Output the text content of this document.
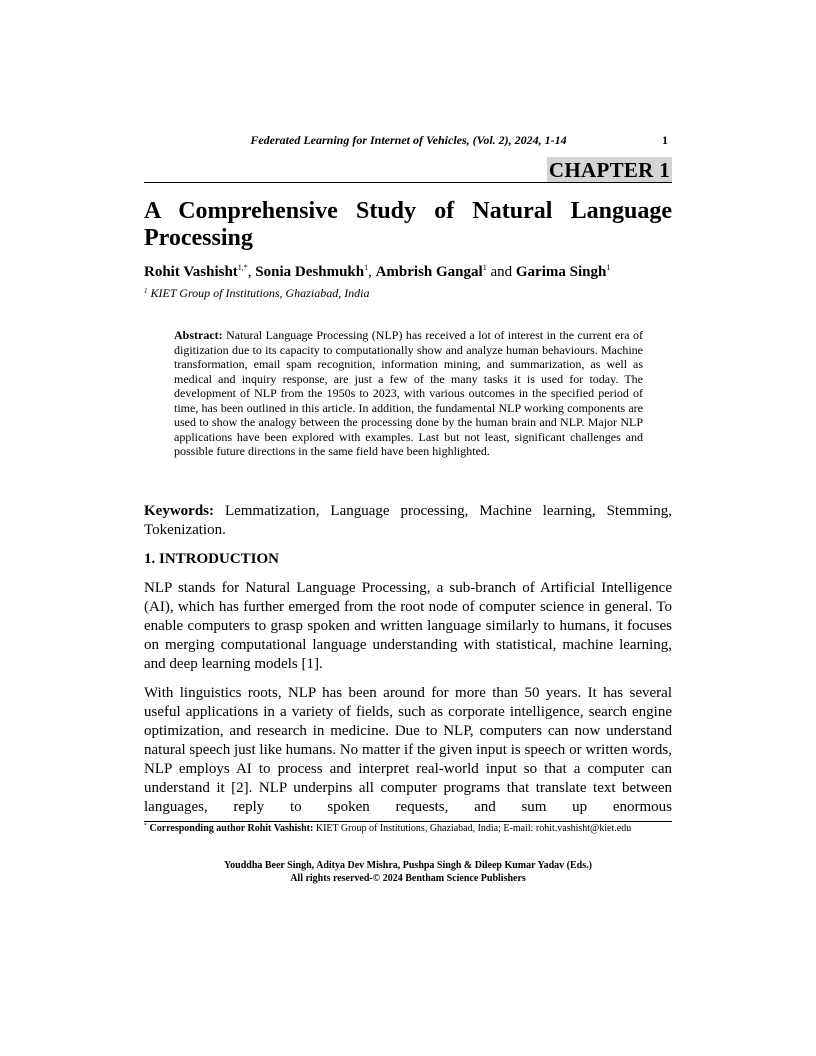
Federated Learning for Internet of Vehicles, (Vol. 2), 2024, 1-14	1
CHAPTER 1
A Comprehensive Study of Natural Language Processing
Rohit Vashisht$^{1,*}$, Sonia Deshmukh$^1$, Ambrish Gangal$^1$ and Garima Singh$^1$
$^1$ KIET Group of Institutions, Ghaziabad, India

Abstract: Natural Language Processing (NLP) has received a lot of interest in the current era of digitization due to its capacity to computationally show and analyze human behaviours. Machine transformation, email spam recognition, information mining, and summarization, as well as medical and inquiry response, are just a few of the many tasks it is used for today. The development of NLP from the 1950s to 2023, with various outcomes in the specified period of time, has been outlined in this article. In addition, the fundamental NLP working components are used to show the analogy between the processing done by the human brain and NLP. Major NLP applications have been explored with examples. Last but not least, significant challenges and possible future directions in the same field have been highlighted.

Keywords: Lemmatization, Language processing, Machine learning, Stemming, Tokenization.

1. INTRODUCTION

NLP stands for Natural Language Processing, a sub-branch of Artificial Intelligence (AI), which has further emerged from the root node of computer science in general. To enable computers to grasp spoken and written language similarly to humans, it focuses on merging computational language understanding with statistical, machine learning, and deep learning models [1].

With linguistics roots, NLP has been around for more than 50 years. It has several useful applications in a variety of fields, such as corporate intelligence, search engine optimization, and research in medicine. Due to NLP, computers can now understand natural speech just like humans. No matter if the given input is speech or written words, NLP employs AI to process and interpret real-world input so that a computer can understand it [2]. NLP underpins all computer programs that translate text between languages, reply to spoken requests, and sum up enormous

* Corresponding author Rohit Vashisht: KIET Group of Institutions, Ghaziabad, India; E-mail: rohit.vashisht@kiet.edu

Youddha Beer Singh, Aditya Dev Mishra, Pushpa Singh & Dileep Kumar Yadav (Eds.)
All rights reserved-© 2024 Bentham Science Publishers
